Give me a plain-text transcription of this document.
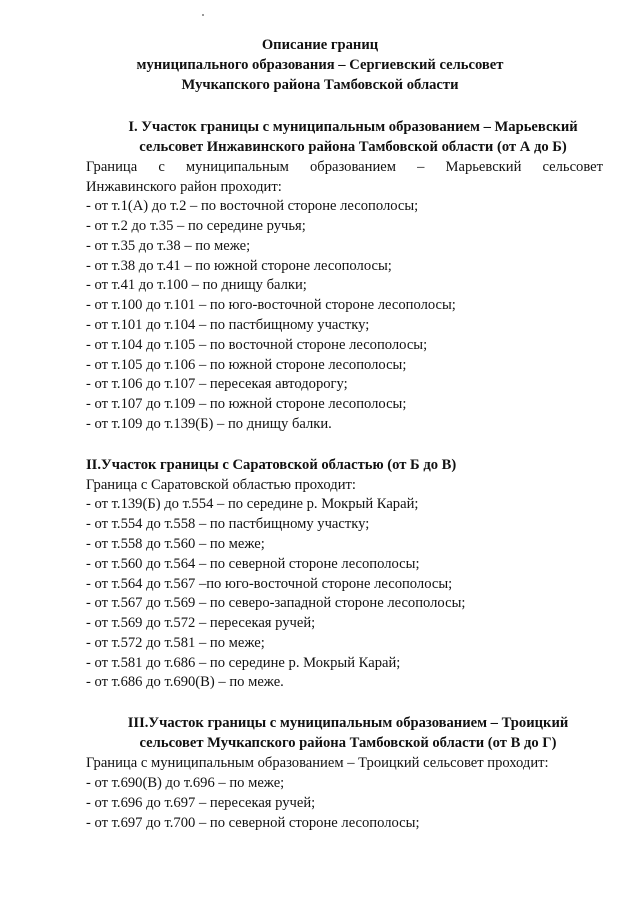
Описание границ
муниципального образования – Сергиевский сельсовет
Мучкапского района Тамбовской области
I. Участок границы с муниципальным образованием – Марьевский
сельсовет Инжавинского района Тамбовской области (от А до Б)
Граница с муниципальным образованием – Марьевский сельсовет
Инжавинского район проходит:
- от т.1(А) до т.2 – по восточной стороне лесополосы;
- от т.2 до т.35 – по середине ручья;
- от т.35 до т.38 – по меже;
- от т.38 до т.41 – по южной стороне лесополосы;
- от т.41 до т.100 – по днищу балки;
- от т.100 до т.101 – по юго-восточной стороне лесополосы;
- от т.101 до т.104 – по пастбищному участку;
- от т.104 до т.105 – по восточной стороне лесополосы;
- от т.105 до т.106 – по южной стороне лесополосы;
- от т.106 до т.107 – пересекая автодорогу;
- от т.107 до т.109 – по южной стороне лесополосы;
- от т.109 до т.139(Б) – по днищу балки.
II.Участок границы с Саратовской областью (от Б до В)
Граница с Саратовской областью проходит:
- от т.139(Б) до т.554 – по середине р. Мокрый Карай;
- от т.554 до т.558 – по пастбищному участку;
- от т.558 до т.560 – по меже;
- от т.560 до т.564 – по северной стороне лесополосы;
- от т.564 до т.567 –по юго-восточной стороне лесополосы;
- от т.567 до т.569 – по северо-западной стороне лесополосы;
- от т.569 до т.572 – пересекая ручей;
- от т.572 до т.581 – по меже;
- от т.581 до т.686 – по середине р. Мокрый Карай;
- от т.686 до т.690(В) – по меже.
III.Участок границы с муниципальным образованием – Троицкий
сельсовет Мучкапского района Тамбовской области (от В до Г)
Граница с муниципальным образованием – Троицкий сельсовет проходит:
- от т.690(В) до т.696 – по меже;
- от т.696 до т.697 – пересекая ручей;
- от т.697 до т.700 – по северной стороне лесополосы;
